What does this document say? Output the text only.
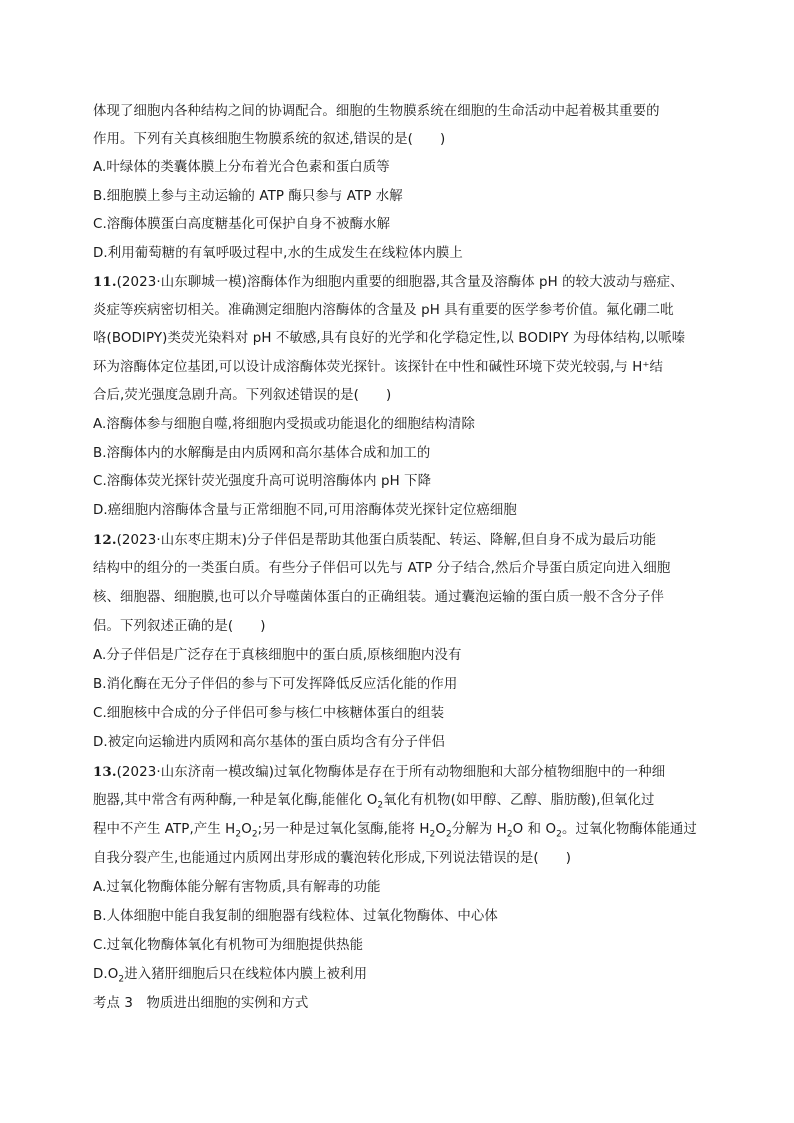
体现了细胞内各种结构之间的协调配合。细胞的生物膜系统在细胞的生命活动中起着极其重要的
作用。下列有关真核细胞生物膜系统的叙述,错误的是(　　)
A.叶绿体的类囊体膜上分布着光合色素和蛋白质等
B.细胞膜上参与主动运输的 ATP 酶只参与 ATP 水解
C.溶酶体膜蛋白高度糖基化可保护自身不被酶水解
D.利用葡萄糖的有氧呼吸过程中,水的生成发生在线粒体内膜上
11.(2023·山东聊城一模)溶酶体作为细胞内重要的细胞器,其含量及溶酶体 pH 的较大波动与癌症、
炎症等疾病密切相关。准确测定细胞内溶酶体的含量及 pH 具有重要的医学参考价值。氟化硼二吡
咯(BODIPY)类荧光染料对 pH 不敏感,具有良好的光学和化学稳定性,以 BODIPY 为母体结构,以哌嗪
环为溶酶体定位基团,可以设计成溶酶体荧光探针。该探针在中性和碱性环境下荧光较弱,与 H⁺结
合后,荧光强度急剧升高。下列叙述错误的是(　　)
A.溶酶体参与细胞自噬,将细胞内受损或功能退化的细胞结构清除
B.溶酶体内的水解酶是由内质网和高尔基体合成和加工的
C.溶酶体荧光探针荧光强度升高可说明溶酶体内 pH 下降
D.癌细胞内溶酶体含量与正常细胞不同,可用溶酶体荧光探针定位癌细胞
12.(2023·山东枣庄期末)分子伴侣是帮助其他蛋白质装配、转运、降解,但自身不成为最后功能
结构中的组分的一类蛋白质。有些分子伴侣可以先与 ATP 分子结合,然后介导蛋白质定向进入细胞
核、细胞器、细胞膜,也可以介导噬菌体蛋白的正确组装。通过囊泡运输的蛋白质一般不含分子伴
侣。下列叙述正确的是(　　)
A.分子伴侣是广泛存在于真核细胞中的蛋白质,原核细胞内没有
B.消化酶在无分子伴侣的参与下可发挥降低反应活化能的作用
C.细胞核中合成的分子伴侣可参与核仁中核糖体蛋白的组装
D.被定向运输进内质网和高尔基体的蛋白质均含有分子伴侣
13.(2023·山东济南一模改编)过氧化物酶体是存在于所有动物细胞和大部分植物细胞中的一种细
胞器,其中常含有两种酶,一种是氧化酶,能催化 $O_2$氧化有机物(如甲醇、乙醇、脂肪酸),但氧化过
程中不产生 ATP,产生 $H_2O_2$;另一种是过氧化氢酶,能将 $H_2O_2$分解为 $H_2O$ 和 $O_2$。过氧化物酶体能通过
自我分裂产生,也能通过内质网出芽形成的囊泡转化形成,下列说法错误的是(　　)
A.过氧化物酶体能分解有害物质,具有解毒的功能
B.人体细胞中能自我复制的细胞器有线粒体、过氧化物酶体、中心体
C.过氧化物酶体氧化有机物可为细胞提供热能
$D.O_2$进入猪肝细胞后只在线粒体内膜上被利用
考点 3　物质进出细胞的实例和方式
